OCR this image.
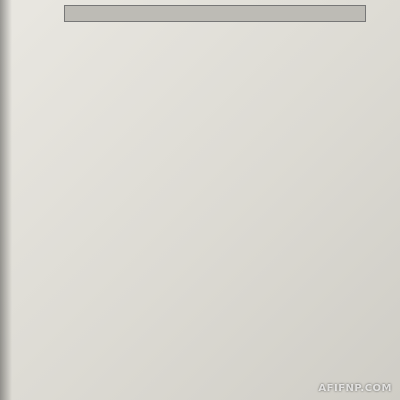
AFIFNP.COM
